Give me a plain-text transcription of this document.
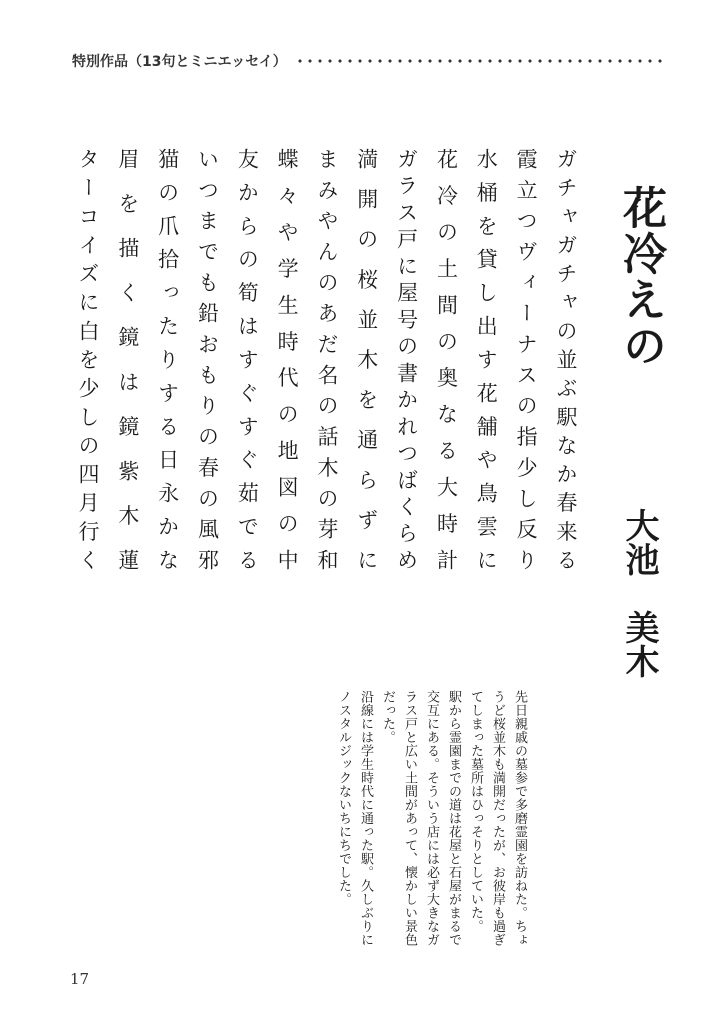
特別作品（13句とミニエッセイ）
花冷えの
大池　美木
ガチャガチャの並ぶ駅なか春来る
霞立つヴィーナスの指少し反り
水桶を貸し出す花舗や鳥雲に
花冷の土間の奥なる大時計
ガラス戸に屋号の書かれつばくらめ
満開の桜並木を通らずに
まみやんのあだ名の話木の芽和
蝶々や学生時代の地図の中
友からの筍はすぐすぐ茹でる
いつまでも鉛おもりの春の風邪
猫の爪拾ったりする日永かな
眉を描く鏡は鏡紫木蓮
ターコイズに白を少しの四月行く

先日親戚の墓参で多磨霊園を訪ねた。ちょうど桜並木も満開だったが、お彼岸も過ぎてしまった墓所はひっそりとしていた。

駅から霊園までの道は花屋と石屋がまるで交互にある。そういう店には必ず大きなガラス戸と広い土間があって、懐かしい景色だった。

沿線には学生時代に通った駅。久しぶりにノスタルジックないちにちでした。

17
